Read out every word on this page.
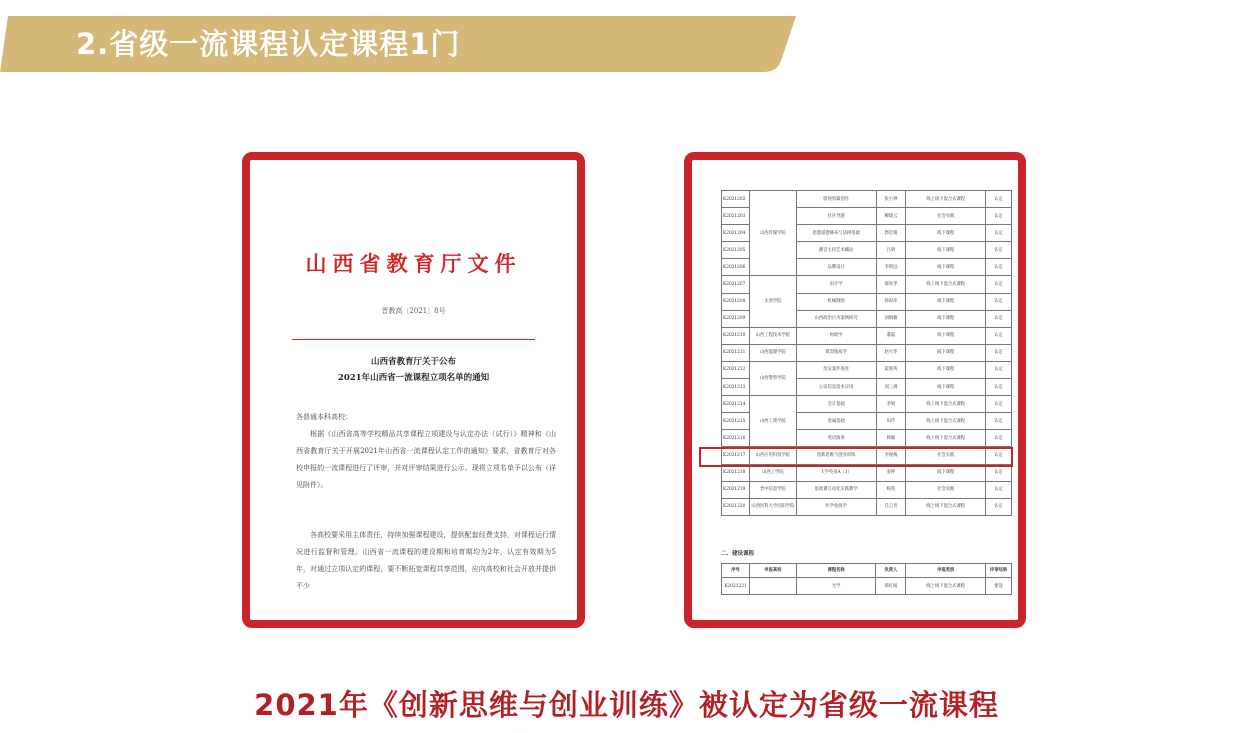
2.省级一流课程认定课程1门
山西省教育厅文件
晋教高〔2021〕8号
山西省教育厅关于公布
2021年山西省一流课程立项名单的通知
各普通本科高校：
根据《山西省高等学校精品共享课程立项建设与认定办法（试行）》精神和《山西省教育厅关于开展2021年山西省一流课程认定工作的通知》要求，省教育厅对各校申报的一流课程进行了评审，并对评审结果进行公示。现将立项名单予以公布（详见附件）。
各高校要采用主体责任，持续加强课程建设，提供配套经费支持，对课程运行情况进行监督和管理。山西省一流课程的建设期和培育期均为2年，认定有效期为5年，对通过立项认定的课程，要不断拓宽课程共享范围，应向高校和社会开放并提供不少
K2021202	山西传媒学院	影视剪辑创作	张小钟	线上线下混合式课程	认定
K2021203		社区导游	柳建云	社会实践	认定
K2021204		思想道德修养与法律基础	郭宏娟	线下课程	认定
K2021205		播音主持艺术概论	吕明	线下课程	认定
K2021206		品牌设计	李明远	线下课程	认定
K2021207	太原学院	审计学	郝亮孝	线上线下混合式课程	认定
K2021208		机械制图	韩彩萍	线下课程	认定
K2021209		山西政治行为案例研究	刘炳楠	线下课程	认定
K2021210	山西工程技术学院	财政学	董磊	线下课程	认定
K2021211	山西能源学院	煤炭地质学	赵兴华	线下课程	认定
K2021212	山西警察学院	治安案件查处	霍俊英	线下课程	认定
K2021213		公安信息技术应用	刘三满	线下课程	认定
K2021214	山西工商学院	会计基础	李娟	线上线下混合式课程	认定
K2021215		金属基础	田芹	线上线下混合式课程	认定
K2021216		英语演讲	韩颖	线上线下混合式课程	认定
K2021217	山西应用科技学院	创新思维与创业训练	李俊梅	社会实践	认定
K2021218	山西工学院	大学英语A（1）	姜婷	线下课程	认定
K2021219	晋中信息学院	思政课互动化实践教学	杨苑	社会实践	认定
K2021220	山西医科大学汾阳学院	医学免疫学	任云青	线上线下混合式课程	认定
二、建设课程
序号	申报高校	课程名称	负责人	申报类别	评审结果
K2021221		光学	韩红娟	线上线下混合式课程	建设
2021年《创新思维与创业训练》被认定为省级一流课程
